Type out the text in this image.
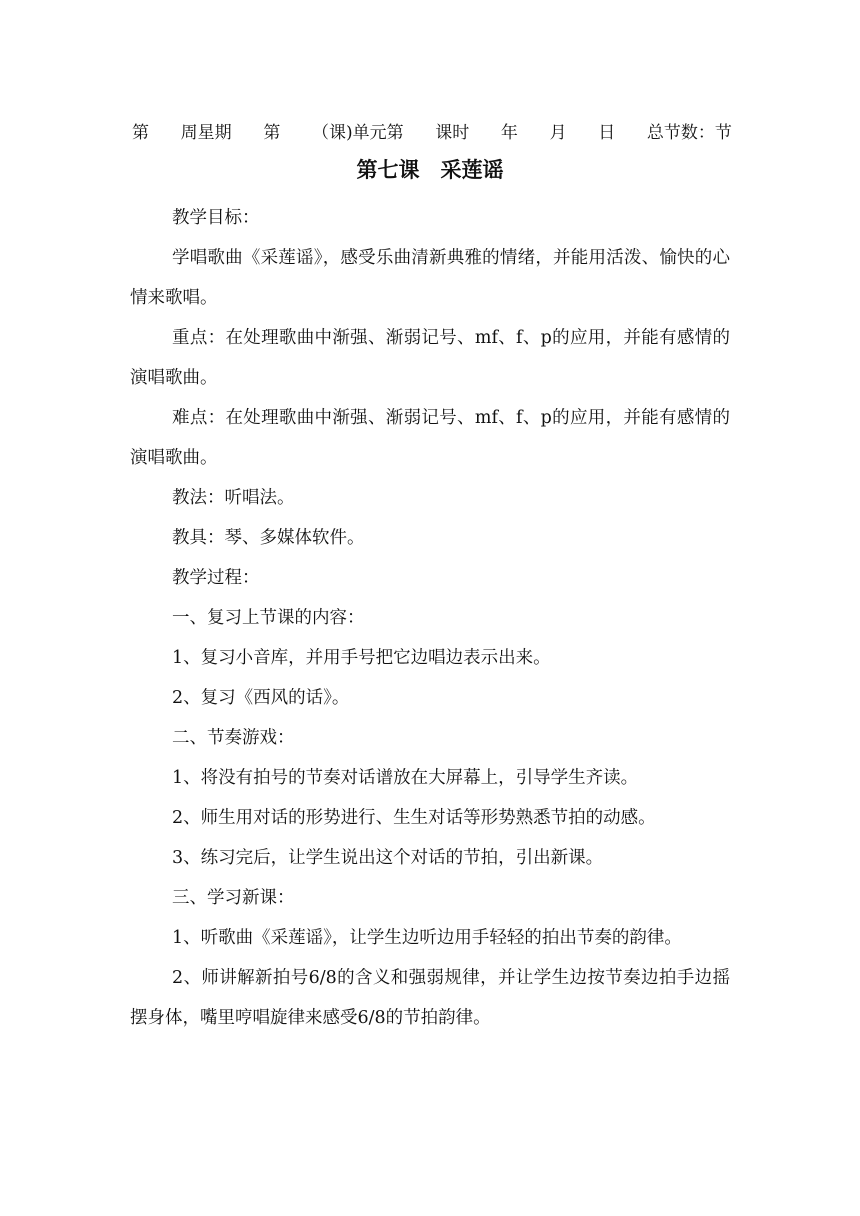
第 周星期 第 （课)单元第 课时 年 月 日 总节数：节
第七课　采莲谣

教学目标：

学唱歌曲《采莲谣》，感受乐曲清新典雅的情绪，并能用活泼、愉快的心情来歌唱。

重点：在处理歌曲中渐强、渐弱记号、mf、f、p的应用，并能有感情的演唱歌曲。

难点：在处理歌曲中渐强、渐弱记号、mf、f、p的应用，并能有感情的演唱歌曲。

教法：听唱法。

教具：琴、多媒体软件。

教学过程：

一、复习上节课的内容：

1、复习小音库，并用手号把它边唱边表示出来。

2、复习《西风的话》。

二、节奏游戏：

1、将没有拍号的节奏对话谱放在大屏幕上，引导学生齐读。

2、师生用对话的形势进行、生生对话等形势熟悉节拍的动感。

3、练习完后，让学生说出这个对话的节拍，引出新课。

三、学习新课：

1、听歌曲《采莲谣》，让学生边听边用手轻轻的拍出节奏的韵律。

2、师讲解新拍号6/8的含义和强弱规律，并让学生边按节奏边拍手边摇摆身体，嘴里哼唱旋律来感受6/8的节拍韵律。
